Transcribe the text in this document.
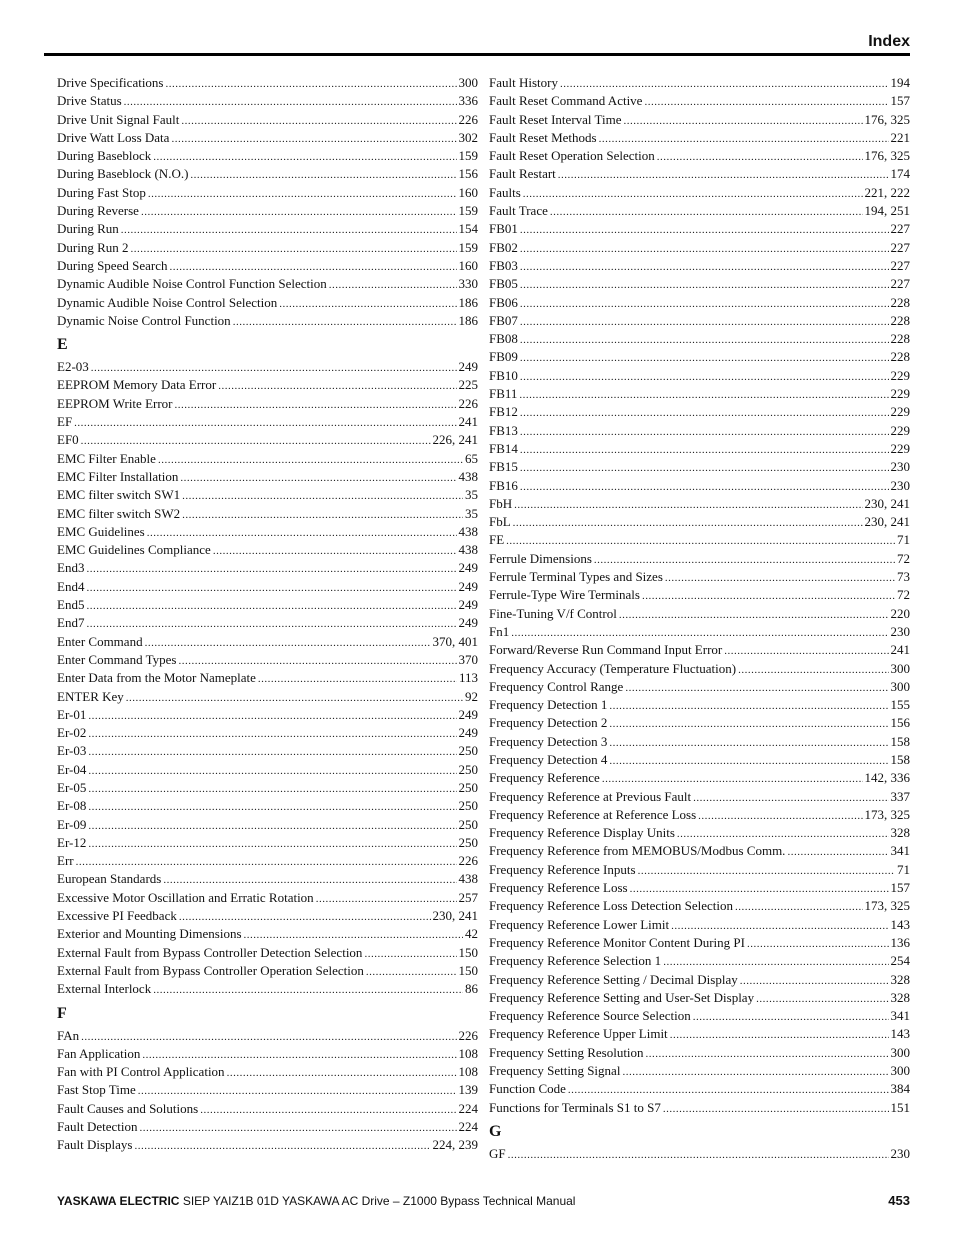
Index
Drive Specifications .....	300
Drive Status .....	336
Drive Unit Signal Fault .....	226
Drive Watt Loss Data .....	302
During Baseblock .....	159
During Baseblock (N.O.) .....	156
During Fast Stop .....	160
During Reverse .....	159
During Run .....	154
During Run 2 .....	159
During Speed Search .....	160
Dynamic Audible Noise Control Function Selection .....	330
Dynamic Audible Noise Control Selection .....	186
Dynamic Noise Control Function .....	186
E
E2-03 .....	249
EEPROM Memory Data Error .....	225
EEPROM Write Error .....	226
EF .....	241
EF0 .....	226, 241
EMC Filter Enable .....	65
EMC Filter Installation .....	438
EMC filter switch SW1 .....	35
EMC filter switch SW2 .....	35
EMC Guidelines .....	438
EMC Guidelines Compliance .....	438
End3 .....	249
End4 .....	249
End5 .....	249
End7 .....	249
Enter Command .....	370, 401
Enter Command Types .....	370
Enter Data from the Motor Nameplate .....	113
ENTER Key .....	92
Er-01 .....	249
Er-02 .....	249
Er-03 .....	250
Er-04 .....	250
Er-05 .....	250
Er-08 .....	250
Er-09 .....	250
Er-12 .....	250
Err .....	226
European Standards .....	438
Excessive Motor Oscillation and Erratic Rotation .....	257
Excessive PI Feedback .....	230, 241
Exterior and Mounting Dimensions .....	42
External Fault from Bypass Controller Detection Selection .....	150
External Fault from Bypass Controller Operation Selection .....	150
External Interlock .....	86
F
FAn .....	226
Fan Application .....	108
Fan with PI Control Application .....	108
Fast Stop Time .....	139
Fault Causes and Solutions .....	224
Fault Detection .....	224
Fault Displays .....	224, 239
Fault History .....	194
Fault Reset Command Active .....	157
Fault Reset Interval Time .....	176, 325
Fault Reset Methods .....	221
Fault Reset Operation Selection .....	176, 325
Fault Restart .....	174
Faults .....	221, 222
Fault Trace .....	194, 251
FB01 .....	227
FB02 .....	227
FB03 .....	227
FB05 .....	227
FB06 .....	228
FB07 .....	228
FB08 .....	228
FB09 .....	228
FB10 .....	229
FB11 .....	229
FB12 .....	229
FB13 .....	229
FB14 .....	229
FB15 .....	230
FB16 .....	230
FbH .....	230, 241
FbL .....	230, 241
FE .....	71
Ferrule Dimensions .....	72
Ferrule Terminal Types and Sizes .....	73
Ferrule-Type Wire Terminals .....	72
Fine-Tuning V/f Control .....	220
Fn1 .....	230
Forward/Reverse Run Command Input Error .....	241
Frequency Accuracy (Temperature Fluctuation) .....	300
Frequency Control Range .....	300
Frequency Detection 1 .....	155
Frequency Detection 2 .....	156
Frequency Detection 3 .....	158
Frequency Detection 4 .....	158
Frequency Reference .....	142, 336
Frequency Reference at Previous Fault .....	337
Frequency Reference at Reference Loss .....	173, 325
Frequency Reference Display Units .....	328
Frequency Reference from MEMOBUS/Modbus Comm. .....	341
Frequency Reference Inputs .....	71
Frequency Reference Loss .....	157
Frequency Reference Loss Detection Selection .....	173, 325
Frequency Reference Lower Limit .....	143
Frequency Reference Monitor Content During PI .....	136
Frequency Reference Selection 1 .....	254
Frequency Reference Setting / Decimal Display .....	328
Frequency Reference Setting and User-Set Display .....	328
Frequency Reference Source Selection .....	341
Frequency Reference Upper Limit .....	143
Frequency Setting Resolution .....	300
Frequency Setting Signal .....	300
Function Code .....	384
Functions for Terminals S1 to S7 .....	151
G
GF .....	230
YASKAWA ELECTRIC SIEP YAIZ1B 01D YASKAWA AC Drive – Z1000 Bypass Technical Manual	453
